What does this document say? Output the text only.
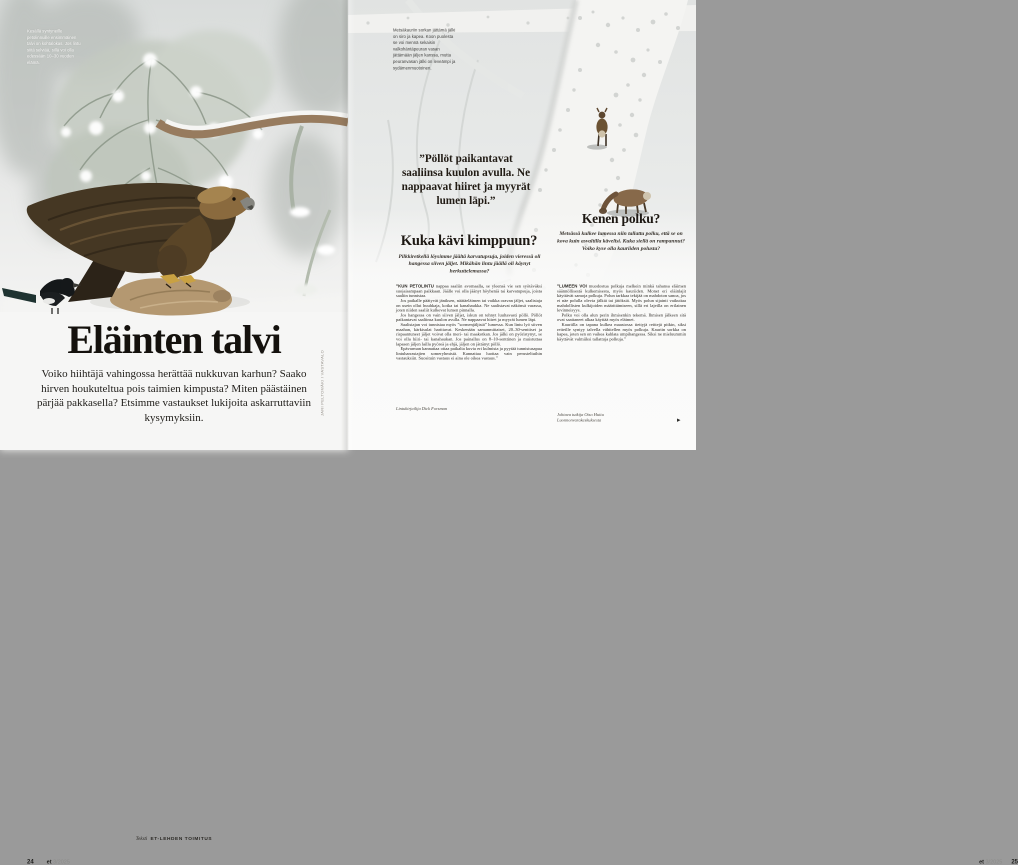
Kesällä syntyneille petolinnuille ensimmäinen talvi on kohtalokas. Jos lintu siitä selviää, sillä voi olla edessään 10–30 vuoden elämä.
JARI PELTOMÄKI / VASTAVALO
Eläinten talvi

Voiko hiihtäjä vahingossa herättää nukkuvan karhun? Saako hirven houkuteltua pois taimien kimpusta? Miten päästäinen pärjää pakkasella? Etsimme vastaukset lukijoita askarruttaviin kysymyksiin.

Teksti ET-LEHDEN TOIMITUS
24 et 3/2025
Metsäkauriin sorkan jättämä jälki on siro ja kapea. Koon puolesta se voi mennä sekaisin valkohäntäpeuran vasan jättämään jäljen kanssa, mutta peuranvasan jälki on leveämpi ja sydämenmuotoinen.
GETTY IMAGES

”Pöllöt paikantavat saaliinsa kuulon avulla. Ne nappaavat hiiret ja myyrät lumen läpi.”

Kuka kävi kimppuun?
Pilkkiretkellä löysimme jäältä karvatupsuja, joiden vieressä oli hangessa siiven jäljet. Mikähän lintu jäällä oli käynyt herkuttelemassa?

”KUN PETOLINTU nappaa saaliin avomaalla, se yleensä vie sen syötäväksi suojaisampaan paikkaan. Jäälle voi olla jäänyt höyheniä tai karvatupsuja, joista saaliin tunnistaa.

Jos paikalle päätyvät jäniksen, näätäeläimen tai vaikka oravan jäljet, saalistaja on usein ollut huuhkaja, kotka tai kanahaukka. Ne saalistavat näkönsä varassa, joten niiden saaliit kulkevat lumen pinnalla.

Jos hangessa on vain siiven jäljet, iskun on tehnyt luultavasti pöllö. Pöllöt paikantavat saaliinsa kuulon avulla. Ne nappaavat hiiret ja myyrät lumen läpi.

Saalistajan voi tunnistaa myös ”sormenjäljistä” lumessa. Kun lintu lyö siiven maahan, kärkisulat harittavat. Keskenään samanmittaiset, 20–30-senttiset ja rispaantuneet jäljet voivat olla meri- tai maakotkan. Jos jälki on pyöristynyt, se voi olla hiiri- tai kanahaukan. Jos painallus on 8–10-senttinen ja muistuttaa lapasen jäljen lailla pyöreä ja ehjä, jäljen on jättänyt pöllö.

Epävarman kannattaa ottaa paikalta kuvia eri kulmista ja pyytää tunnistusapua lintuharrastajien someryhmistä. Kannattaa luottaa vain perusteltuihin vastauksiin. Suosituin vastaus ei aina ole oikea vastaus.”

Lintukirjailija Dick Forsman
Kenen polku?
Metsässä kulkee lumessa niin tallattu polku, että se on kova kuin asvaltilla kävelisi. Kuka siellä on rampannut? Voiko kyse olla kauriiden polusta?

”LUMEEN VOI muodostua polkuja melkein minkä tahansa eläimen säännöllisestä kulkemisesta, myös kauriiden. Monet eri eläinlajit käyttävät samoja polkuja. Polun tarkkaa tekijää on mahdoton sanoa, jos ei näe polulla olevia jälkiä tai jätöksiä. Myös polun sijainti vaikuttaa mahdollisten kulkijoiden määrittämiseen, sillä eri lajeilla on erilainen levinneisyys.

Polku voi olla alun perin ihmisenkin tekemä. Ihmisen jälkeen sitä ovat saattaneet alkaa käyttää myös eläimet.

Kauriilla on tapana kulkea maastossa tiettyjä reittejä pitkin, siksi reiteille syntyy talvella vähitellen myös polkuja. Kauriin sorkka on kapea, joten sen on vaikea kahlata umpihangessa. Siksi ne mieluummin käyttävät valmiiksi tallattuja polkuja.”

Johtava tutkija Otso Huitu
Luonnonvarakeskuksesta	▸
et 3/2025 25
